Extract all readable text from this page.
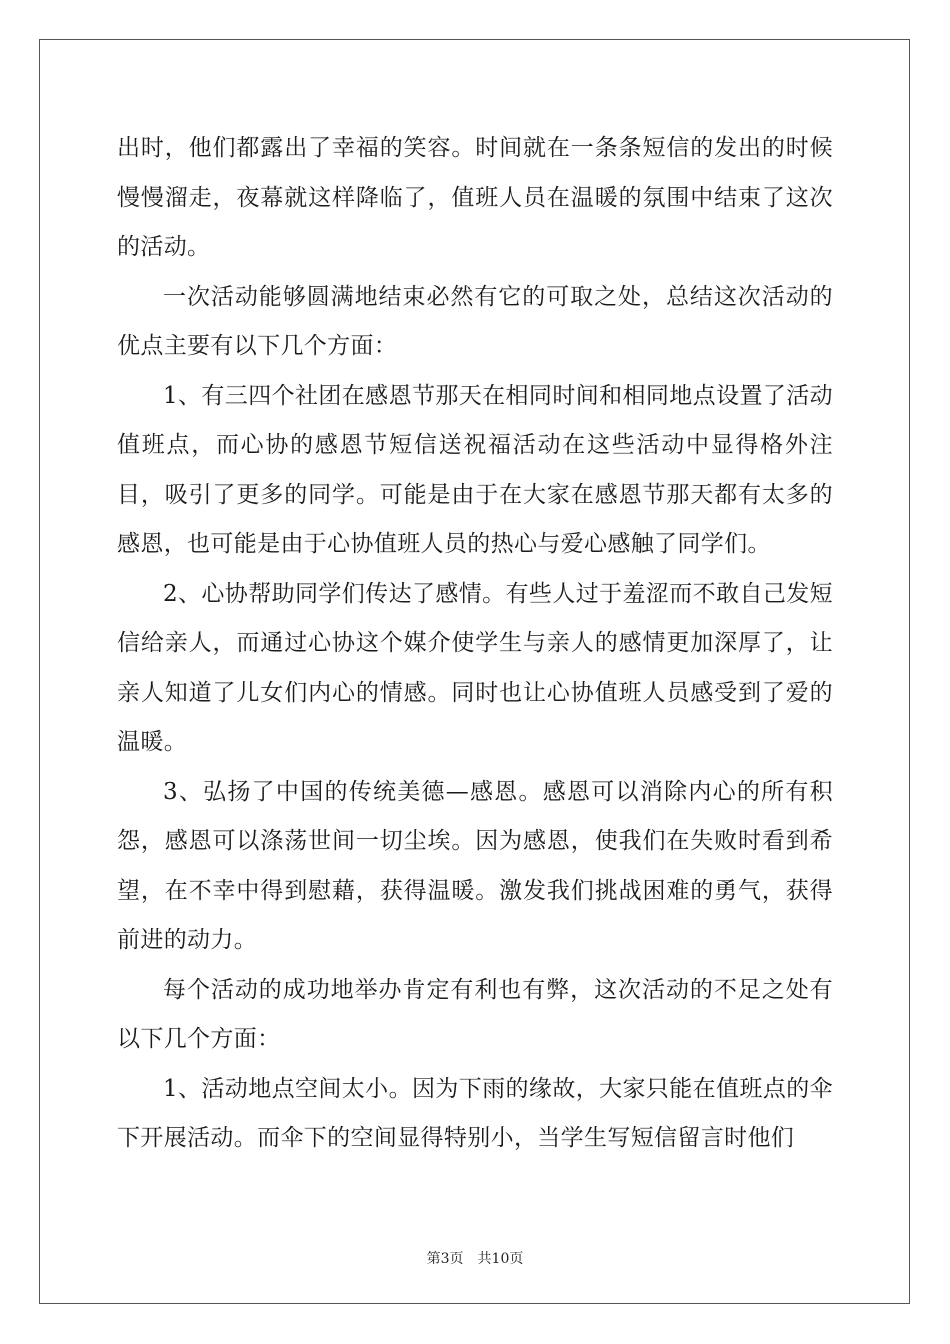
出时，他们都露出了幸福的笑容。时间就在一条条短信的发出的时候慢慢溜走，夜幕就这样降临了，值班人员在温暖的氛围中结束了这次的活动。

一次活动能够圆满地结束必然有它的可取之处，总结这次活动的优点主要有以下几个方面：

1、有三四个社团在感恩节那天在相同时间和相同地点设置了活动值班点，而心协的感恩节短信送祝福活动在这些活动中显得格外注目，吸引了更多的同学。可能是由于在大家在感恩节那天都有太多的感恩，也可能是由于心协值班人员的热心与爱心感触了同学们。

2、心协帮助同学们传达了感情。有些人过于羞涩而不敢自己发短信给亲人，而通过心协这个媒介使学生与亲人的感情更加深厚了，让亲人知道了儿女们内心的情感。同时也让心协值班人员感受到了爱的温暖。

3、弘扬了中国的传统美德—感恩。感恩可以消除内心的所有积怨，感恩可以涤荡世间一切尘埃。因为感恩，使我们在失败时看到希望，在不幸中得到慰藉，获得温暖。激发我们挑战困难的勇气，获得前进的动力。

每个活动的成功地举办肯定有利也有弊，这次活动的不足之处有以下几个方面：

1、活动地点空间太小。因为下雨的缘故，大家只能在值班点的伞下开展活动。而伞下的空间显得特别小，当学生写短信留言时他们

第3页 共10页
